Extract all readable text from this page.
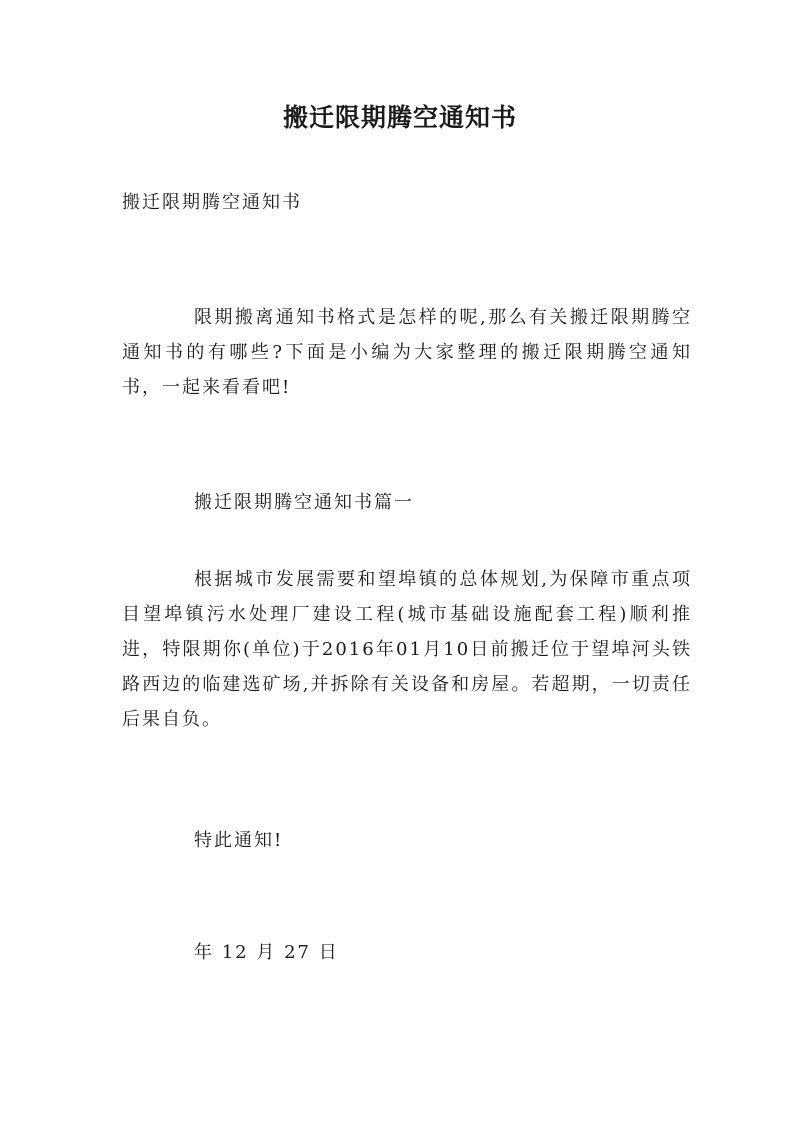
搬迁限期腾空通知书
搬迁限期腾空通知书

限期搬离通知书格式是怎样的呢,那么有关搬迁限期腾空通知书的有哪些?下面是小编为大家整理的搬迁限期腾空通知书，一起来看看吧!

搬迁限期腾空通知书篇一

根据城市发展需要和望埠镇的总体规划,为保障市重点项目望埠镇污水处理厂建设工程(城市基础设施配套工程)顺利推进，特限期你(单位)于2016年01月10日前搬迁位于望埠河头铁路西边的临建选矿场,并拆除有关设备和房屋。若超期，一切责任后果自负。

特此通知!
年 12 月 27 日
